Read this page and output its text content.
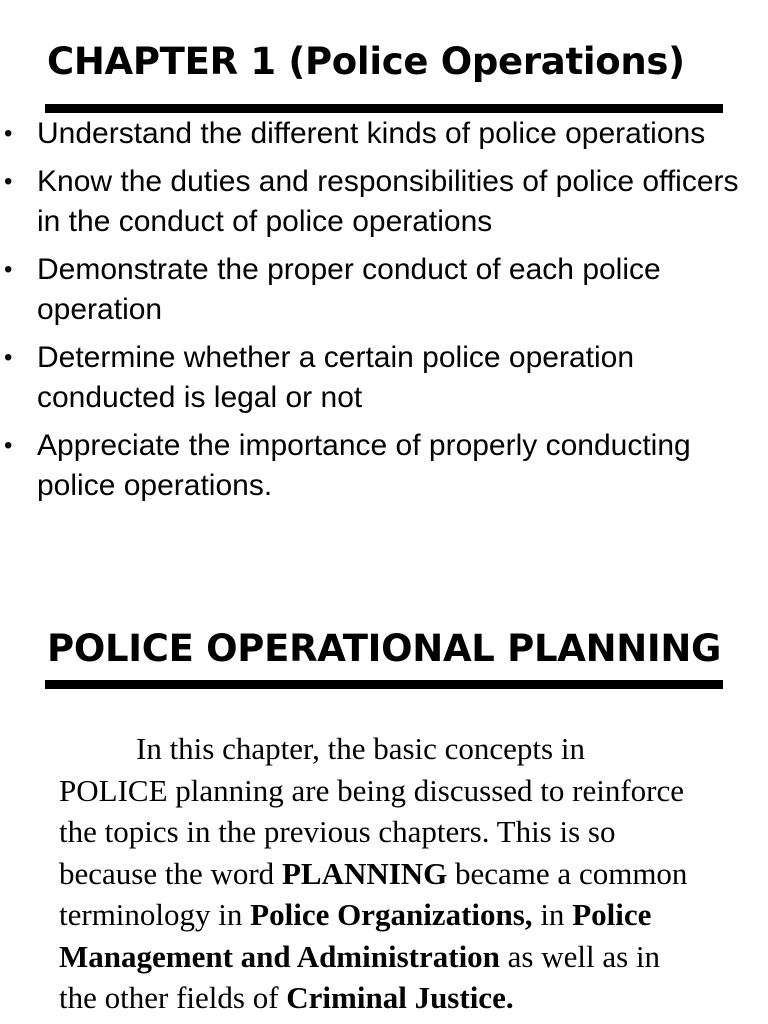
CHAPTER 1 (Police Operations)
• Understand the different kinds of police operations
• Know the duties and responsibilities of police officers in the conduct of police operations
• Demonstrate the proper conduct of each police operation
• Determine whether a certain police operation conducted is legal or not
• Appreciate the importance of properly conducting police operations.
POLICE OPERATIONAL PLANNING

In this chapter, the basic concepts in POLICE planning are being discussed to reinforce the topics in the previous chapters. This is so because the word PLANNING became a common terminology in Police Organizations, in Police Management and Administration as well as in the other fields of Criminal Justice.
